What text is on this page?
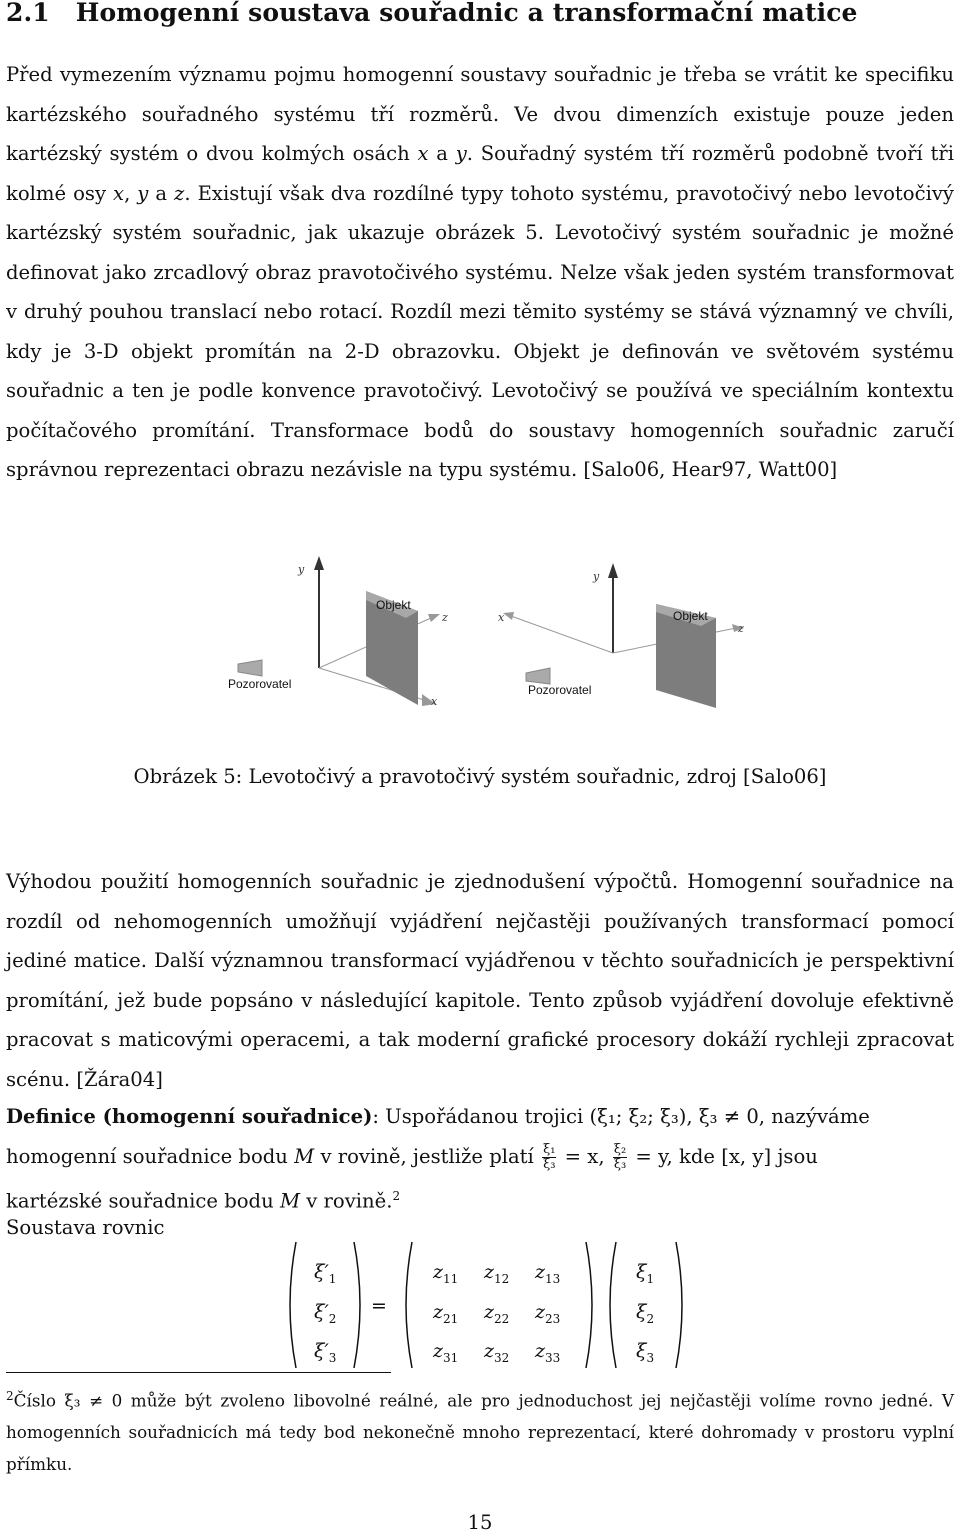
2.1 Homogenní soustava souřadnic a transformační matice

Před vymezením významu pojmu homogenní soustavy souřadnic je třeba se vrátit ke specifiku kartézského souřadného systému tří rozměrů. Ve dvou dimenzích existuje pouze jeden kartézský systém o dvou kolmých osách x a y. Souřadný systém tří rozměrů podobně tvoří tři kolmé osy x, y a z. Existují však dva rozdílné typy tohoto systému, pravotočivý nebo levotočivý kartézský systém souřadnic, jak ukazuje obrázek 5. Levotočivý systém souřadnic je možné definovat jako zrcadlový obraz pravotočivého systému. Nelze však jeden systém transformovat v druhý pouhou translací nebo rotací. Rozdíl mezi těmito systémy se stává významný ve chvíli, kdy je 3-D objekt promítán na 2-D obrazovku. Objekt je definován ve světovém systému souřadnic a ten je podle konvence pravotočivý. Levotočivý se používá ve speciálním kontextu počítačového promítání. Transformace bodů do soustavy homogenních souřadnic zaručí správnou reprezentaci obrazu nezávisle na typu systému. [Salo06, Hear97, Watt00]

y
z
x
Objekt
Pozorovatel
y
x
z
Objekt
Pozorovatel

Obrázek 5: Levotočivý a pravotočivý systém souřadnic, zdroj [Salo06]

Výhodou použití homogenních souřadnic je zjednodušení výpočtů. Homogenní souřadnice na rozdíl od nehomogenních umožňují vyjádření nejčastěji používaných transformací pomocí jediné matice. Další významnou transformací vyjádřenou v těchto souřadnicích je perspektivní promítání, jež bude popsáno v následující kapitole. Tento způsob vyjádření dovoluje efektivně pracovat s maticovými operacemi, a tak moderní grafické procesory dokáží rychleji zpracovat scénu. [Žára04]

Definice (homogenní souřadnice): Uspořádanou trojici (ξ₁; ξ₂; ξ₃), ξ₃ ≠ 0, nazýváme
homogenní souřadnice bodu M v rovině, jestliže platí $\frac{\text{ξ₁}}{\text{ξ₃}} = x$, $\frac{\text{ξ₂}}{\text{ξ₃}} = y$, kde [x, y] jsou
kartézské souřadnice bodu M v rovině.$^2$
Soustava rovnic
=
$\xi'_1$
$\xi'_2$
$\xi'_3$
$z_{11}$ $z_{12}$ $z_{13}$
$z_{21}$ $z_{22}$ $z_{23}$
$z_{31}$ $z_{32}$ $z_{33}$
$\xi_1$
$\xi_2$
$\xi_3$

$^2$Číslo ξ₃ ≠ 0 může být zvoleno libovolné reálné, ale pro jednoduchost jej nejčastěji volíme rovno jedné. V homogenních souřadnicích má tedy bod nekonečně mnoho reprezentací, které dohromady v prostoru vyplní přímku.

15
